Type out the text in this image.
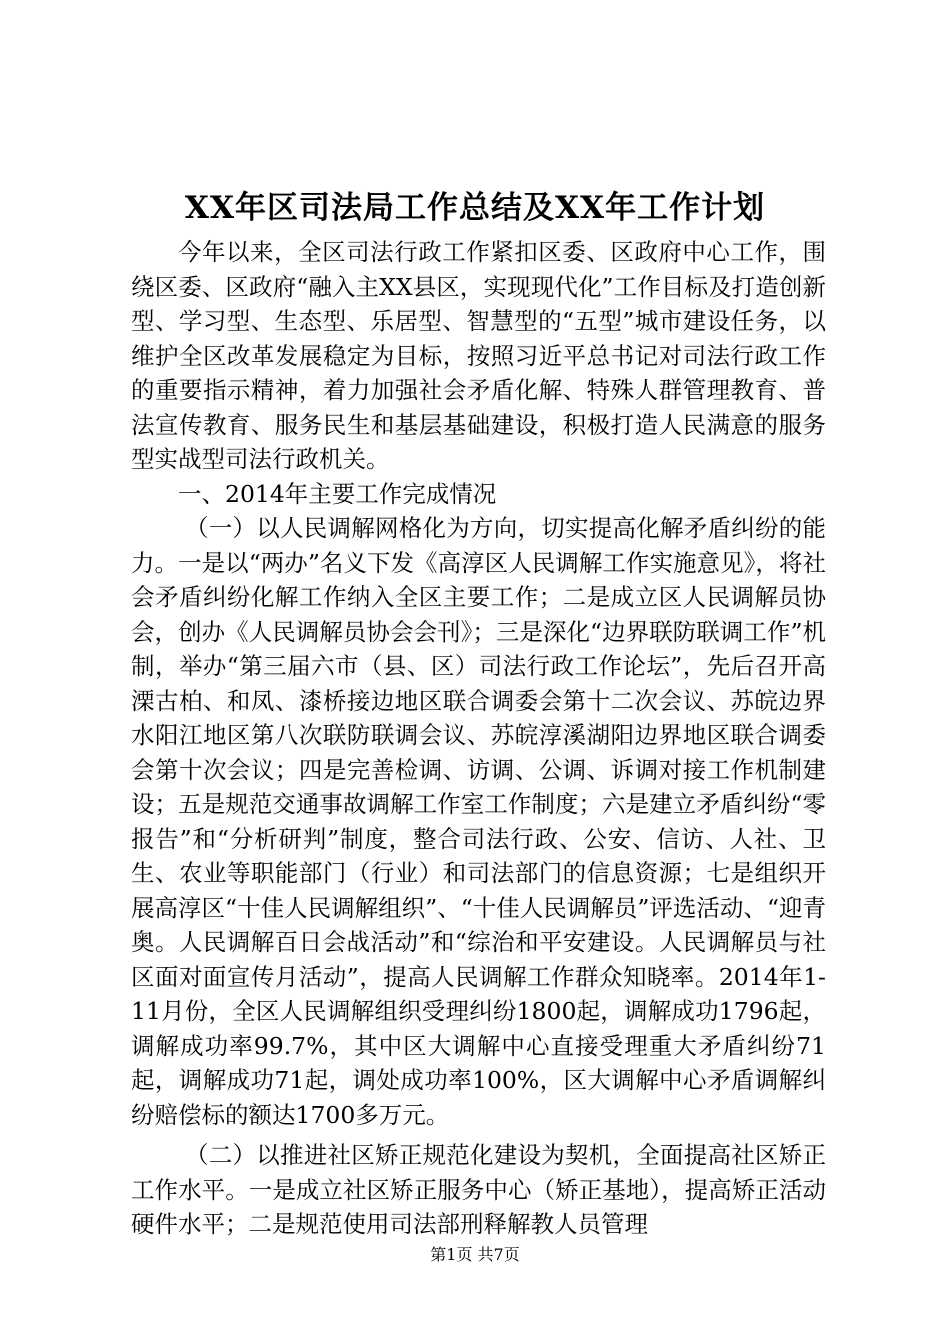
XX年区司法局工作总结及XX年工作计划

今年以来，全区司法行政工作紧扣区委、区政府中心工作，围绕区委、区政府“融入主XX县区，实现现代化”工作目标及打造创新型、学习型、生态型、乐居型、智慧型的“五型”城市建设任务，以维护全区改革发展稳定为目标，按照习近平总书记对司法行政工作的重要指示精神，着力加强社会矛盾化解、特殊人群管理教育、普法宣传教育、服务民生和基层基础建设，积极打造人民满意的服务型实战型司法行政机关。

一、2014年主要工作完成情况

（一）以人民调解网格化为方向，切实提高化解矛盾纠纷的能力。一是以“两办”名义下发《高淳区人民调解工作实施意见》，将社会矛盾纠纷化解工作纳入全区主要工作；二是成立区人民调解员协会，创办《人民调解员协会会刊》；三是深化“边界联防联调工作”机制，举办“第三届六市（县、区）司法行政工作论坛”，先后召开高溧古柏、和凤、漆桥接边地区联合调委会第十二次会议、苏皖边界水阳江地区第八次联防联调会议、苏皖淳溪湖阳边界地区联合调委会第十次会议；四是完善检调、访调、公调、诉调对接工作机制建设；五是规范交通事故调解工作室工作制度；六是建立矛盾纠纷“零报告”和“分析研判”制度，整合司法行政、公安、信访、人社、卫生、农业等职能部门（行业）和司法部门的信息资源；七是组织开展高淳区“十佳人民调解组织”、“十佳人民调解员”评选活动、“迎青奥。人民调解百日会战活动”和“综治和平安建设。人民调解员与社区面对面宣传月活动”，提高人民调解工作群众知晓率。2014年1-11月份，全区人民调解组织受理纠纷1800起，调解成功1796起，调解成功率99.7%，其中区大调解中心直接受理重大矛盾纠纷71起，调解成功71起，调处成功率100%，区大调解中心矛盾调解纠纷赔偿标的额达1700多万元。

（二）以推进社区矫正规范化建设为契机，全面提高社区矫正工作水平。一是成立社区矫正服务中心（矫正基地），提高矫正活动硬件水平；二是规范使用司法部刑释解教人员管理

第1页 共7页
